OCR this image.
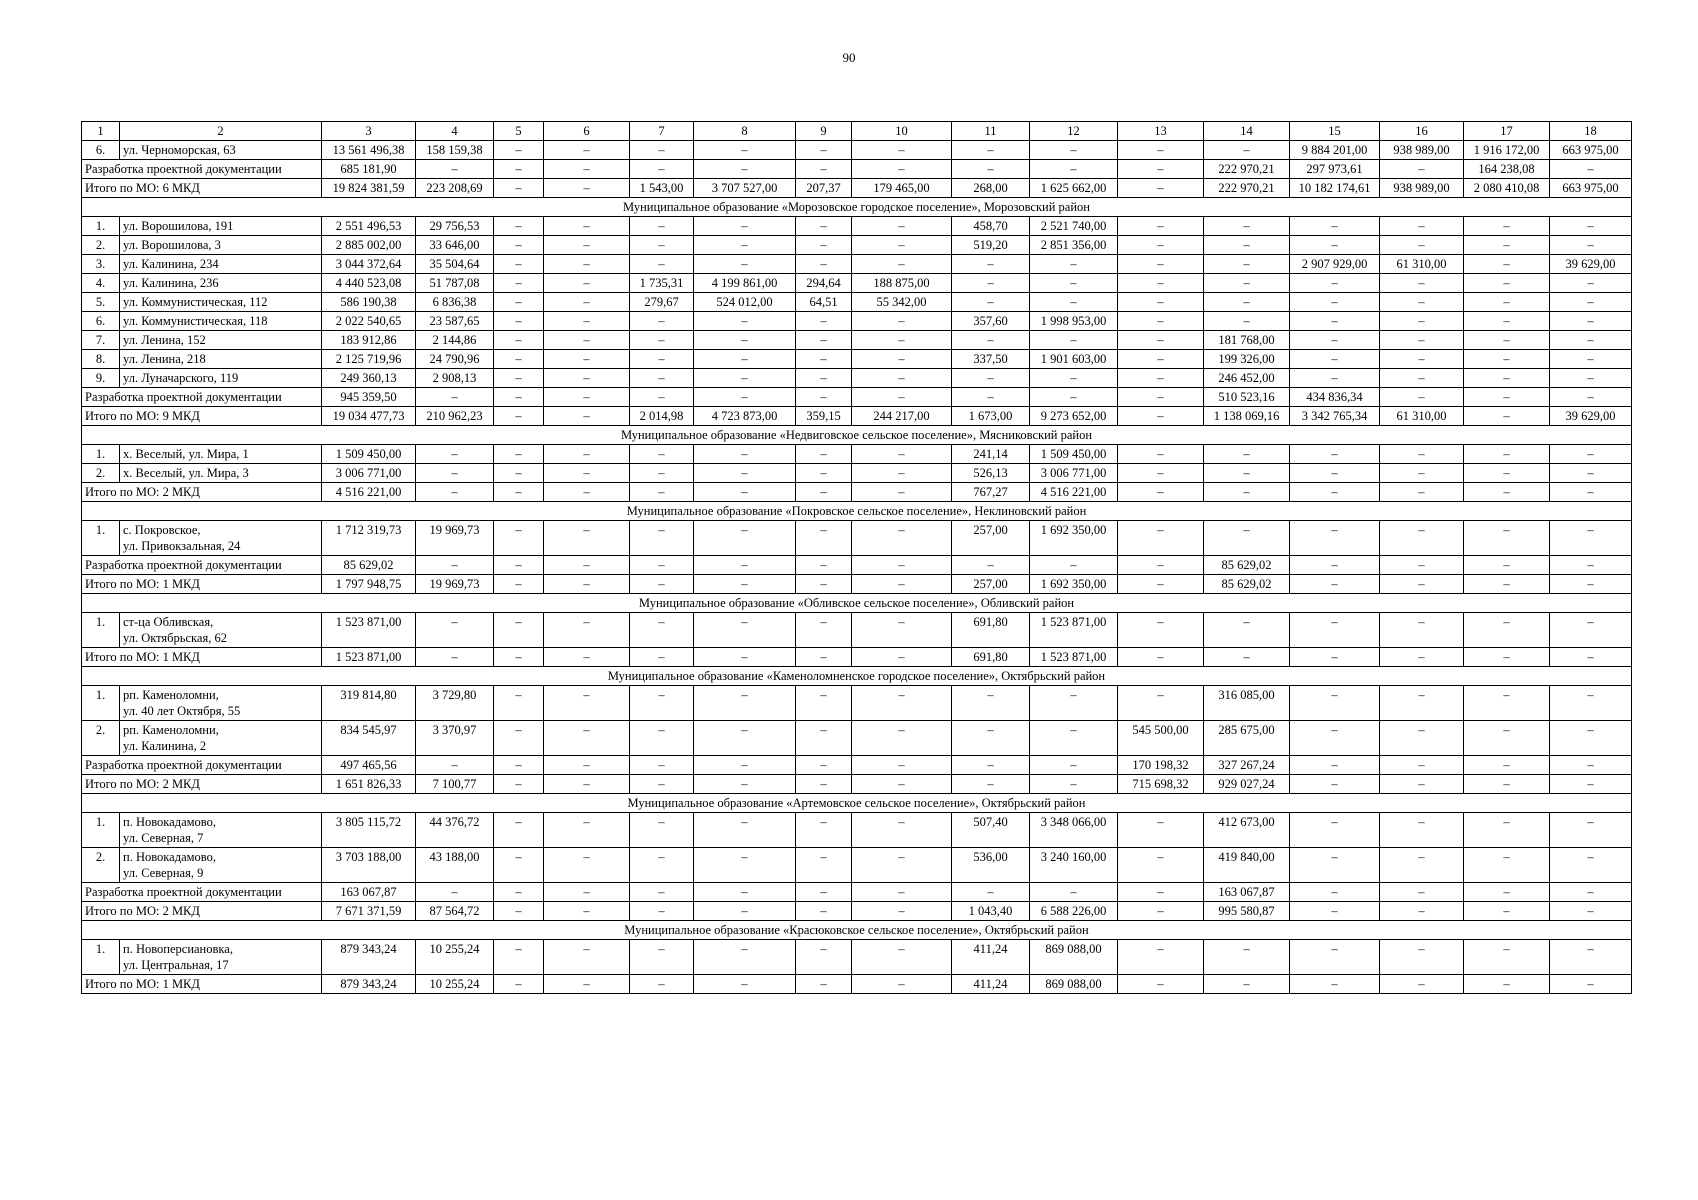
90
1	2	3	4	5	6	7	8	9	10	11	12	13	14	15	16	17	18
6.	ул. Черноморская, 63	13 561 496,38	158 159,38	–	–	–	–	–	–	–	–	–	–	9 884 201,00	938 989,00	1 916 172,00	663 975,00
Разработка проектной документации		685 181,90	–	–	–	–	–	–	–	–	–	–	222 970,21	297 973,61	–	164 238,08	–
Итого по МО: 6 МКД		19 824 381,59	223 208,69	–	–	1 543,00	3 707 527,00	207,37	179 465,00	268,00	1 625 662,00	–	222 970,21	10 182 174,61	938 989,00	2 080 410,08	663 975,00
Муниципальное образование «Морозовское городское поселение», Морозовский район																	
1.	ул. Ворошилова, 191	2 551 496,53	29 756,53	–	–	–	–	–	–	458,70	2 521 740,00	–	–	–	–	–	–
2.	ул. Ворошилова, 3	2 885 002,00	33 646,00	–	–	–	–	–	–	519,20	2 851 356,00	–	–	–	–	–	–
3.	ул. Калинина, 234	3 044 372,64	35 504,64	–	–	–	–	–	–	–	–	–	–	2 907 929,00	61 310,00	–	39 629,00
4.	ул. Калинина, 236	4 440 523,08	51 787,08	–	–	1 735,31	4 199 861,00	294,64	188 875,00	–	–	–	–	–	–	–	–
5.	ул. Коммунистическая, 112	586 190,38	6 836,38	–	–	279,67	524 012,00	64,51	55 342,00	–	–	–	–	–	–	–	–
6.	ул. Коммунистическая, 118	2 022 540,65	23 587,65	–	–	–	–	–	–	357,60	1 998 953,00	–	–	–	–	–	–
7.	ул. Ленина, 152	183 912,86	2 144,86	–	–	–	–	–	–	–	–	–	181 768,00	–	–	–	–
8.	ул. Ленина, 218	2 125 719,96	24 790,96	–	–	–	–	–	–	337,50	1 901 603,00	–	199 326,00	–	–	–	–
9.	ул. Луначарского, 119	249 360,13	2 908,13	–	–	–	–	–	–	–	–	–	246 452,00	–	–	–	–
Разработка проектной документации		945 359,50	–	–	–	–	–	–	–	–	–	–	510 523,16	434 836,34	–	–	–
Итого по МО: 9 МКД		19 034 477,73	210 962,23	–	–	2 014,98	4 723 873,00	359,15	244 217,00	1 673,00	9 273 652,00	–	1 138 069,16	3 342 765,34	61 310,00	–	39 629,00
Муниципальное образование «Недвиговское сельское поселение», Мясниковский район																	
1.	х. Веселый, ул. Мира, 1	1 509 450,00	–	–	–	–	–	–	–	241,14	1 509 450,00	–	–	–	–	–	–
2.	х. Веселый, ул. Мира, 3	3 006 771,00	–	–	–	–	–	–	–	526,13	3 006 771,00	–	–	–	–	–	–
Итого по МО: 2 МКД		4 516 221,00	–	–	–	–	–	–	–	767,27	4 516 221,00	–	–	–	–	–	–
Муниципальное образование «Покровское сельское поселение», Неклиновский район																	
1.	с. Покровское,
ул. Привокзальная, 24	1 712 319,73	19 969,73	–	–	–	–	–	–	257,00	1 692 350,00	–	–	–	–	–	–
Разработка проектной документации		85 629,02	–	–	–	–	–	–	–	–	–	–	85 629,02	–	–	–	–
Итого по МО: 1 МКД		1 797 948,75	19 969,73	–	–	–	–	–	–	257,00	1 692 350,00	–	85 629,02	–	–	–	–
Муниципальное образование «Обливское сельское поселение», Обливский район																	
1.	ст-ца Обливская,
ул. Октябрьская, 62	1 523 871,00	–	–	–	–	–	–	–	691,80	1 523 871,00	–	–	–	–	–	–
Итого по МО: 1 МКД		1 523 871,00	–	–	–	–	–	–	–	691,80	1 523 871,00	–	–	–	–	–	–
Муниципальное образование «Каменоломненское городское поселение», Октябрьский район																	
1.	рп. Каменоломни,
ул. 40 лет Октября, 55	319 814,80	3 729,80	–	–	–	–	–	–	–	–	–	316 085,00	–	–	–	–
2.	рп. Каменоломни,
ул. Калинина, 2	834 545,97	3 370,97	–	–	–	–	–	–	–	–	545 500,00	285 675,00	–	–	–	–
Разработка проектной документации		497 465,56	–	–	–	–	–	–	–	–	–	170 198,32	327 267,24	–	–	–	–
Итого по МО: 2 МКД		1 651 826,33	7 100,77	–	–	–	–	–	–	–	–	715 698,32	929 027,24	–	–	–	–
Муниципальное образование «Артемовское сельское поселение», Октябрьский район																	
1.	п. Новокадамово,
ул. Северная, 7	3 805 115,72	44 376,72	–	–	–	–	–	–	507,40	3 348 066,00	–	412 673,00	–	–	–	–
2.	п. Новокадамово,
ул. Северная, 9	3 703 188,00	43 188,00	–	–	–	–	–	–	536,00	3 240 160,00	–	419 840,00	–	–	–	–
Разработка проектной документации		163 067,87	–	–	–	–	–	–	–	–	–	–	163 067,87	–	–	–	–
Итого по МО: 2 МКД		7 671 371,59	87 564,72	–	–	–	–	–	–	1 043,40	6 588 226,00	–	995 580,87	–	–	–	–
Муниципальное образование «Красюковское сельское поселение», Октябрьский район																	
1.	п. Новоперсиановка,
ул. Центральная, 17	879 343,24	10 255,24	–	–	–	–	–	–	411,24	869 088,00	–	–	–	–	–	–
Итого по МО: 1 МКД		879 343,24	10 255,24	–	–	–	–	–	–	411,24	869 088,00	–	–	–	–	–	–
